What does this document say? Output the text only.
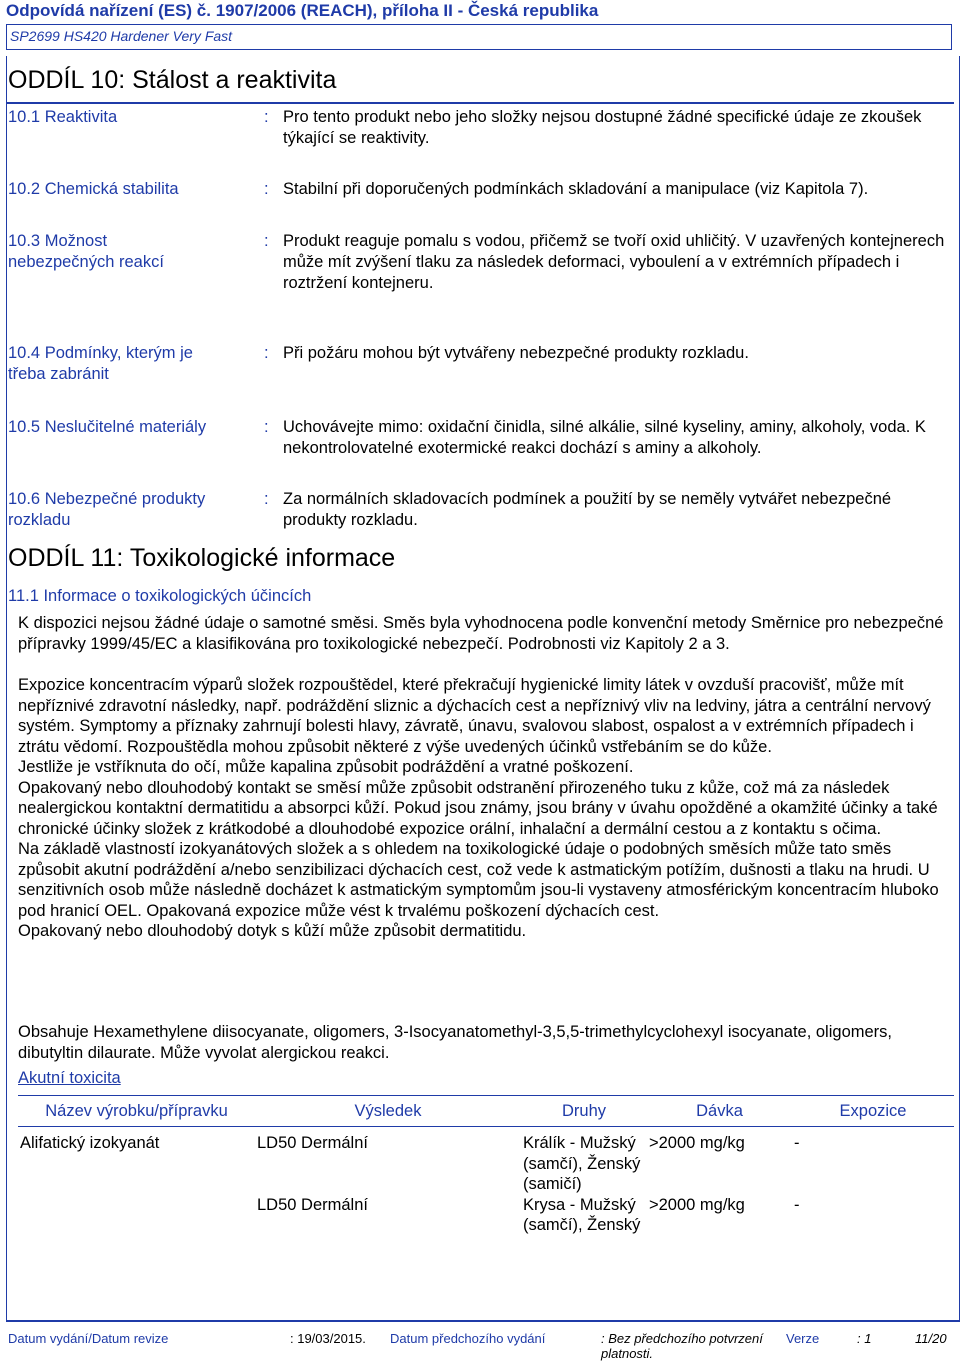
Odpovídá nařízení (ES) č. 1907/2006 (REACH), příloha II - Česká republika
SP2699 HS420 Hardener Very Fast
ODDÍL 10: Stálost a reaktivita
10.1 Reaktivita	: Pro tento produkt nebo jeho složky nejsou dostupné žádné specifické údaje ze zkoušek týkající se reaktivity.
10.2 Chemická stabilita	: Stabilní při doporučených podmínkách skladování a manipulace (viz Kapitola 7).
10.3 Možnost nebezpečných reakcí
: Produkt reaguje pomalu s vodou, přičemž se tvoří oxid uhličitý. V uzavřených kontejnerech může mít zvýšení tlaku za následek deformaci, vyboulení a v extrémních případech i roztržení kontejneru.
10.4 Podmínky, kterým je třeba zabránit
: Při požáru mohou být vytvářeny nebezpečné produkty rozkladu.
10.5 Neslučitelné materiály	: Uchovávejte mimo: oxidační činidla, silné alkálie, silné kyseliny, aminy, alkoholy, voda. K nekontrolovatelné exotermické reakci dochází s aminy a alkoholy.
10.6 Nebezpečné produkty rozkladu
: Za normálních skladovacích podmínek a použití by se neměly vytvářet nebezpečné produkty rozkladu.
ODDÍL 11: Toxikologické informace
11.1 Informace o toxikologických účincích
K dispozici nejsou žádné údaje o samotné směsi. Směs byla vyhodnocena podle konvenční metody Směrnice pro nebezpečné přípravky 1999/45/EC a klasifikována pro toxikologické nebezpečí. Podrobnosti viz Kapitoly 2 a 3.

Expozice koncentracím výparů složek rozpouštědel, které překračují hygienické limity látek v ovzduší pracovišť, může mít nepříznivé zdravotní následky, např. podráždění sliznic a dýchacích cest a nepříznivý vliv na ledviny, játra a centrální nervový systém. Symptomy a příznaky zahrnují bolesti hlavy, závratě, únavu, svalovou slabost, ospalost a v extrémních případech i ztrátu vědomí. Rozpouštědla mohou způsobit některé z výše uvedených účinků vstřebáním se do kůže.

Jestliže je vstříknuta do očí, může kapalina způsobit podráždění a vratné poškození.

Opakovaný nebo dlouhodobý kontakt se směsí může způsobit odstranění přirozeného tuku z kůže, což má za následek nealergickou kontaktní dermatitidu a absorpci kůží. Pokud jsou známy, jsou brány v úvahu opožděné a okamžité účinky a také chronické účinky složek z krátkodobé a dlouhodobé expozice orální, inhalační a dermální cestou a z kontaktu s očima.

Na základě vlastností izokyanátových složek a s ohledem na toxikologické údaje o podobných směsích může tato směs způsobit akutní podráždění a/nebo senzibilizaci dýchacích cest, což vede k astmatickým potížím, dušnosti a tlaku na hrudi. U senzitivních osob může následně docházet k astmatickým symptomům jsou-li vystaveny atmosférickým koncentracím hluboko pod hranicí OEL. Opakovaná expozice může vést k trvalému poškození dýchacích cest.

Opakovaný nebo dlouhodobý dotyk s kůží může způsobit dermatitidu.

Obsahuje Hexamethylene diisocyanate, oligomers, 3-Isocyanatomethyl-3,5,5-trimethylcyclohexyl isocyanate, oligomers, dibutyltin dilaurate. Může vyvolat alergickou reakci.
Akutní toxicita
Název výrobku/přípravku	Výsledek	Druhy	Dávka	Expozice
Alifatický izokyanát	LD50 Dermální	Králík - Mužský (samčí), Ženský (samičí)	>2000 mg/kg	-
	LD50 Dermální	Krysa - Mužský (samčí), Ženský	>2000 mg/kg	-
Datum vydání/Datum revize	: 19/03/2015. Datum předchozího vydání	: Bez předchozího potvrzení platnosti.
Verze	: 1	11/20
